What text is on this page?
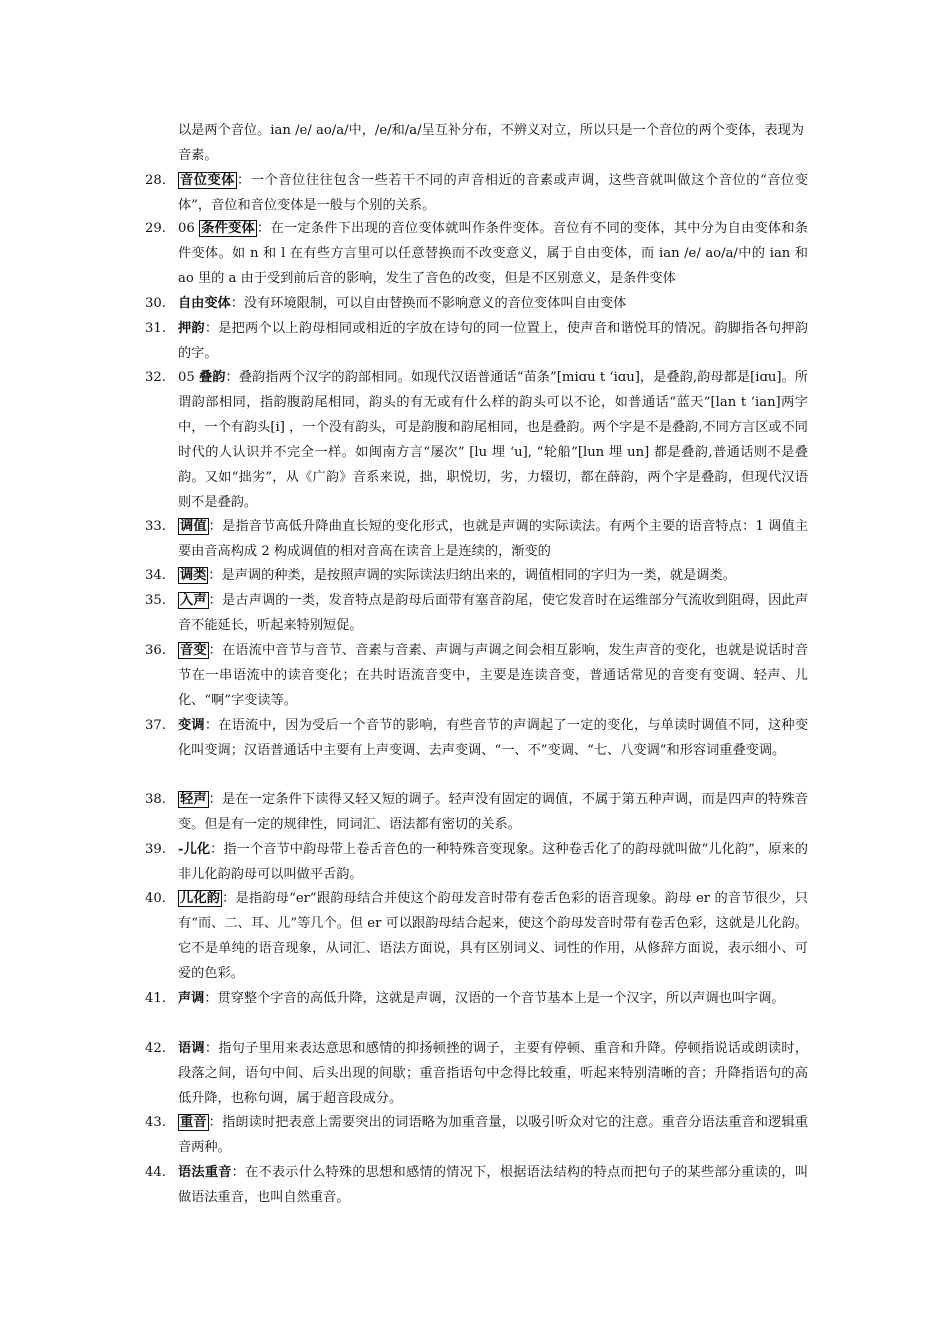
以是两个音位。ian /e/ ao/a/中，/e/和/a/呈互补分布，不辨义对立，所以只是一个音位的两个变体，表现为音素。
28.	音位变体 ：一个音位往往包含一些若干不同的声音相近的音素或声调，这些音就叫做这个音位的“音位变体”，音位和音位变体是一般与个别的关系。
29. 06 条件变体 ：在一定条件下出现的音位变体就叫作条件变体。音位有不同的变体，其中分为自由变体和条件变体。如 n 和 l 在有些方言里可以任意替换而不改变意义，属于自由变体，而 ian /e/ ao/a/中的 ian 和 ao 里的 a 由于受到前后音的影响，发生了音色的改变，但是不区别意义，是条件变体
30. 自由变体：没有环境限制，可以自由替换而不影响意义的音位变体叫自由变体
31. 押韵：是把两个以上韵母相同或相近的字放在诗句的同一位置上，使声音和谐悦耳的情况。韵脚指各句押韵的字。
32. 05 叠韵：叠韵指两个汉字的韵部相同。如现代汉语普通话“苗条”[miɑu t ‘iɑu]，是叠韵,韵母都是[iɑu]。所谓韵部相同，指韵腹韵尾相同，韵头的有无或有什么样的韵头可以不论，如普通话“蓝天”[lan t ‘ian]两字中，一个有韵头[i] ，一个没有韵头，可是韵腹和韵尾相同，也是叠韵。两个字是不是叠韵,不同方言区或不同时代的人认识并不完全一样。如闽南方言“屡次” [lu 埋 ‘u], “轮船”[lun 埋 un] 都是叠韵,普通话则不是叠韵。又如“拙劣”，从《广韵》音系来说，拙，职悦切，劣，力辍切，都在薛韵，两个字是叠韵，但现代汉语则不是叠韵。
33.	调值 ：是指音节高低升降曲直长短的变化形式，也就是声调的实际读法。有两个主要的语音特点：1 调值主要由音高构成 2 构成调值的相对音高在读音上是连续的，渐变的
34.	调类 ：是声调的种类，是按照声调的实际读法归纳出来的，调值相同的字归为一类，就是调类。
35.	入声 ：是古声调的一类，发音特点是韵母后面带有塞音韵尾，使它发音时在运维部分气流收到阻碍，因此声音不能延长，听起来特别短促。
36.	音变 ：在语流中音节与音节、音素与音素、声调与声调之间会相互影响，发生声音的变化，也就是说话时音节在一串语流中的读音变化；在共时语流音变中，主要是连读音变，普通话常见的音变有变调、轻声、儿化、“啊”字变读等。
37. 变调：在语流中，因为受后一个音节的影响，有些音节的声调起了一定的变化，与单读时调值不同，这种变化叫变调；汉语普通话中主要有上声变调、去声变调、“一、不”变调、“七、八变调”和形容词重叠变调。
38.	轻声 ：是在一定条件下读得又轻又短的调子。轻声没有固定的调值，不属于第五种声调，而是四声的特殊音变。但是有一定的规律性，同词汇、语法都有密切的关系。
39. -儿化：指一个音节中韵母带上卷舌音色的一种特殊音变现象。这种卷舌化了的韵母就叫做“儿化韵”，原来的非儿化韵韵母可以叫做平舌韵。
40.	儿化韵 ：是指韵母“er”跟韵母结合并使这个韵母发音时带有卷舌色彩的语音现象。韵母 er 的音节很少，只有“而、二、耳、儿”等几个。但 er 可以跟韵母结合起来，使这个韵母发音时带有卷舌色彩，这就是儿化韵。它不是单纯的语音现象，从词汇、语法方面说，具有区别词义、词性的作用，从修辞方面说，表示细小、可爱的色彩。
41. 声调：贯穿整个字音的高低升降，这就是声调，汉语的一个音节基本上是一个汉字，所以声调也叫字调。
42. 语调：指句子里用来表达意思和感情的抑扬顿挫的调子，主要有停顿、重音和升降。停顿指说话或朗读时，段落之间，语句中间、后头出现的间歇；重音指语句中念得比较重，听起来特别清晰的音；升降指语句的高低升降，也称句调，属于超音段成分。
43.	重音 ：指朗读时把表意上需要突出的词语略为加重音量，以吸引听众对它的注意。重音分语法重音和逻辑重音两种。
44. 语法重音：在不表示什么特殊的思想和感情的情况下，根据语法结构的特点而把句子的某些部分重读的，叫做语法重音，也叫自然重音。
